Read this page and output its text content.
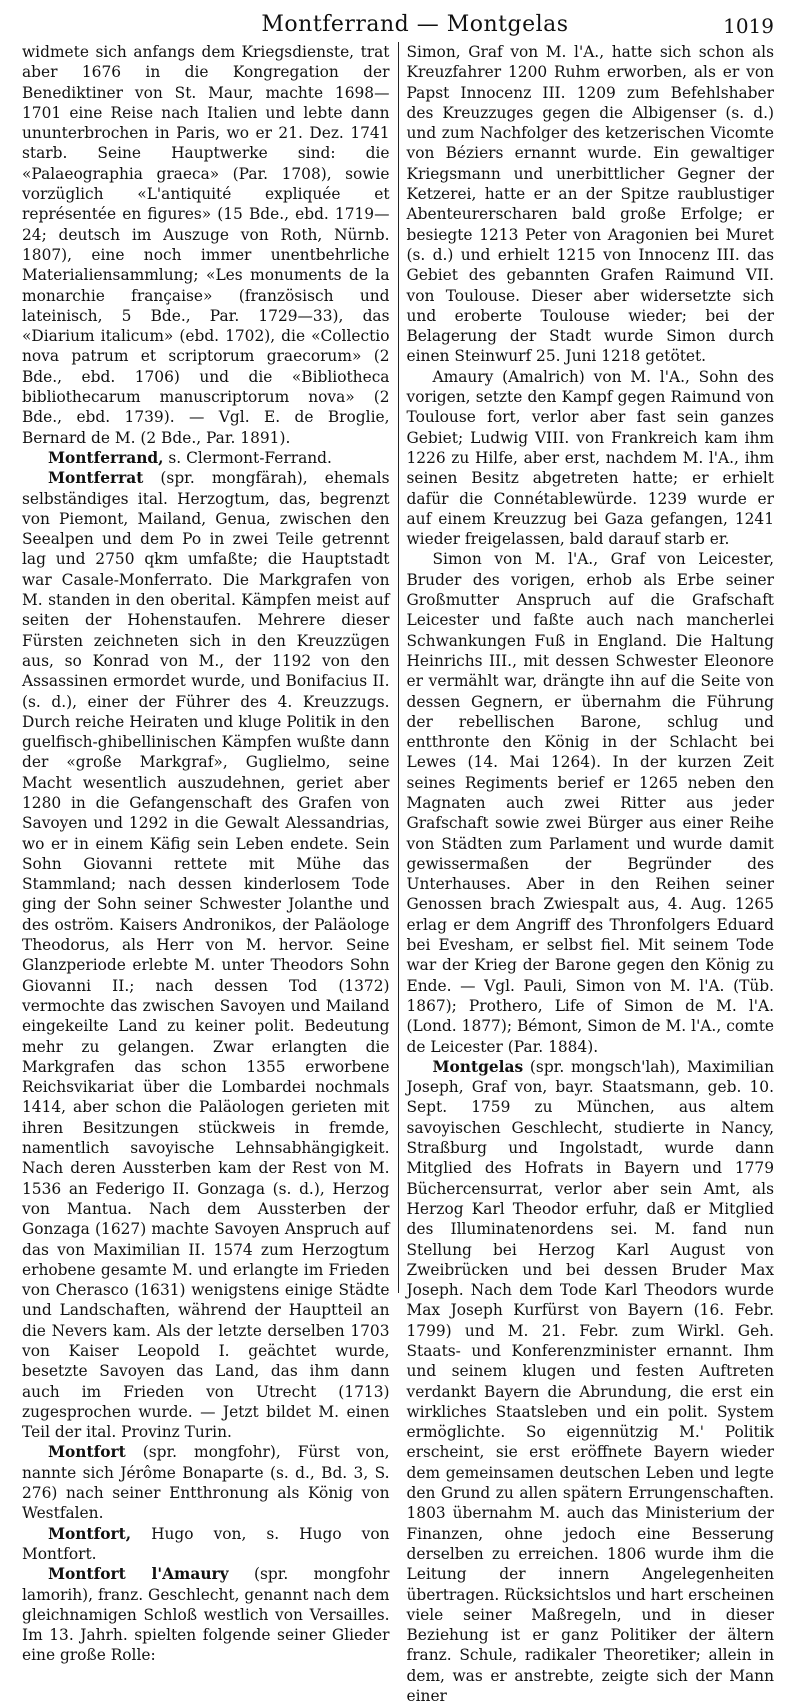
Montferrand — Montgelas	1019

widmete sich anfangs dem Kriegsdienste, trat aber 1676 in die Kongregation der Benediktiner von St. Maur, machte 1698—1701 eine Reise nach Italien und lebte dann ununterbrochen in Paris, wo er 21. Dez. 1741 starb. Seine Hauptwerke sind: die «Palaeographia graeca» (Par. 1708), sowie vorzüglich «L'antiquité expliquée et représentée en figures» (15 Bde., ebd. 1719—24; deutsch im Auszuge von Roth, Nürnb. 1807), eine noch immer unentbehrliche Materialiensammlung; «Les monuments de la monarchie française» (französisch und lateinisch, 5 Bde., Par. 1729—33), das «Diarium italicum» (ebd. 1702), die «Collectio nova patrum et scriptorum graecorum» (2 Bde., ebd. 1706) und die «Bibliotheca bibliothecarum manuscriptorum nova» (2 Bde., ebd. 1739). — Vgl. E. de Broglie, Bernard de M. (2 Bde., Par. 1891).

Montferrand, s. Clermont-Ferrand.

Montferrat (spr. mongfärah), ehemals selbständiges ital. Herzogtum, das, begrenzt von Piemont, Mailand, Genua, zwischen den Seealpen und dem Po in zwei Teile getrennt lag und 2750 qkm umfaßte; die Hauptstadt war Casale-Monferrato. Die Markgrafen von M. standen in den oberital. Kämpfen meist auf seiten der Hohenstaufen. Mehrere dieser Fürsten zeichneten sich in den Kreuzzügen aus, so Konrad von M., der 1192 von den Assassinen ermordet wurde, und Bonifacius II. (s. d.), einer der Führer des 4. Kreuzzugs. Durch reiche Heiraten und kluge Politik in den guelfisch-ghibellinischen Kämpfen wußte dann der «große Markgraf», Guglielmo, seine Macht wesentlich auszudehnen, geriet aber 1280 in die Gefangenschaft des Grafen von Savoyen und 1292 in die Gewalt Alessandrias, wo er in einem Käfig sein Leben endete. Sein Sohn Giovanni rettete mit Mühe das Stammland; nach dessen kinderlosem Tode ging der Sohn seiner Schwester Jolanthe und des oström. Kaisers Andronikos, der Paläologe Theodorus, als Herr von M. hervor. Seine Glanzperiode erlebte M. unter Theodors Sohn Giovanni II.; nach dessen Tod (1372) vermochte das zwischen Savoyen und Mailand eingekeilte Land zu keiner polit. Bedeutung mehr zu gelangen. Zwar erlangten die Markgrafen das schon 1355 erworbene Reichsvikariat über die Lombardei nochmals 1414, aber schon die Paläologen gerieten mit ihren Besitzungen stückweis in fremde, namentlich savoyische Lehnsabhängigkeit. Nach deren Aussterben kam der Rest von M. 1536 an Federigo II. Gonzaga (s. d.), Herzog von Mantua. Nach dem Aussterben der Gonzaga (1627) machte Savoyen Anspruch auf das von Maximilian II. 1574 zum Herzogtum erhobene gesamte M. und erlangte im Frieden von Cherasco (1631) wenigstens einige Städte und Landschaften, während der Hauptteil an die Nevers kam. Als der letzte derselben 1703 von Kaiser Leopold I. geächtet wurde, besetzte Savoyen das Land, das ihm dann auch im Frieden von Utrecht (1713) zugesprochen wurde. — Jetzt bildet M. einen Teil der ital. Provinz Turin.

Montfort (spr. mongfohr), Fürst von, nannte sich Jérôme Bonaparte (s. d., Bd. 3, S. 276) nach seiner Entthronung als König von Westfalen.

Montfort, Hugo von, s. Hugo von Montfort.

Montfort l'Amaury (spr. mongfohr lamorih), franz. Geschlecht, genannt nach dem gleichnamigen Schloß westlich von Versailles. Im 13. Jahrh. spielten folgende seiner Glieder eine große Rolle:

Simon, Graf von M. l'A., hatte sich schon als Kreuzfahrer 1200 Ruhm erworben, als er von Papst Innocenz III. 1209 zum Befehlshaber des Kreuzzuges gegen die Albigenser (s. d.) und zum Nachfolger des ketzerischen Vicomte von Béziers ernannt wurde. Ein gewaltiger Kriegsmann und unerbittlicher Gegner der Ketzerei, hatte er an der Spitze raublustiger Abenteurerscharen bald große Erfolge; er besiegte 1213 Peter von Aragonien bei Muret (s. d.) und erhielt 1215 von Innocenz III. das Gebiet des gebannten Grafen Raimund VII. von Toulouse. Dieser aber widersetzte sich und eroberte Toulouse wieder; bei der Belagerung der Stadt wurde Simon durch einen Steinwurf 25. Juni 1218 getötet.

Amaury (Amalrich) von M. l'A., Sohn des vorigen, setzte den Kampf gegen Raimund von Toulouse fort, verlor aber fast sein ganzes Gebiet; Ludwig VIII. von Frankreich kam ihm 1226 zu Hilfe, aber erst, nachdem M. l'A., ihm seinen Besitz abgetreten hatte; er erhielt dafür die Connétablewürde. 1239 wurde er auf einem Kreuzzug bei Gaza gefangen, 1241 wieder freigelassen, bald darauf starb er.

Simon von M. l'A., Graf von Leicester, Bruder des vorigen, erhob als Erbe seiner Großmutter Anspruch auf die Grafschaft Leicester und faßte auch nach mancherlei Schwankungen Fuß in England. Die Haltung Heinrichs III., mit dessen Schwester Eleonore er vermählt war, drängte ihn auf die Seite von dessen Gegnern, er übernahm die Führung der rebellischen Barone, schlug und entthronte den König in der Schlacht bei Lewes (14. Mai 1264). In der kurzen Zeit seines Regiments berief er 1265 neben den Magnaten auch zwei Ritter aus jeder Grafschaft sowie zwei Bürger aus einer Reihe von Städten zum Parlament und wurde damit gewissermaßen der Begründer des Unterhauses. Aber in den Reihen seiner Genossen brach Zwiespalt aus, 4. Aug. 1265 erlag er dem Angriff des Thronfolgers Eduard bei Evesham, er selbst fiel. Mit seinem Tode war der Krieg der Barone gegen den König zu Ende. — Vgl. Pauli, Simon von M. l'A. (Tüb. 1867); Prothero, Life of Simon de M. l'A. (Lond. 1877); Bémont, Simon de M. l'A., comte de Leicester (Par. 1884).

Montgelas (spr. mongsch'lah), Maximilian Joseph, Graf von, bayr. Staatsmann, geb. 10. Sept. 1759 zu München, aus altem savoyischen Geschlecht, studierte in Nancy, Straßburg und Ingolstadt, wurde dann Mitglied des Hofrats in Bayern und 1779 Büchercensurrat, verlor aber sein Amt, als Herzog Karl Theodor erfuhr, daß er Mitglied des Illuminatenordens sei. M. fand nun Stellung bei Herzog Karl August von Zweibrücken und bei dessen Bruder Max Joseph. Nach dem Tode Karl Theodors wurde Max Joseph Kurfürst von Bayern (16. Febr. 1799) und M. 21. Febr. zum Wirkl. Geh. Staats- und Konferenzminister ernannt. Ihm und seinem klugen und festen Auftreten verdankt Bayern die Abrundung, die erst ein wirkliches Staatsleben und ein polit. System ermöglichte. So eigennützig M.' Politik erscheint, sie erst eröffnete Bayern wieder dem gemeinsamen deutschen Leben und legte den Grund zu allen spätern Errungenschaften. 1803 übernahm M. auch das Ministerium der Finanzen, ohne jedoch eine Besserung derselben zu erreichen. 1806 wurde ihm die Leitung der innern Angelegenheiten übertragen. Rücksichtslos und hart erscheinen viele seiner Maßregeln, und in dieser Beziehung ist er ganz Politiker der ältern franz. Schule, radikaler Theoretiker; allein in dem, was er anstrebte, zeigte sich der Mann einer
